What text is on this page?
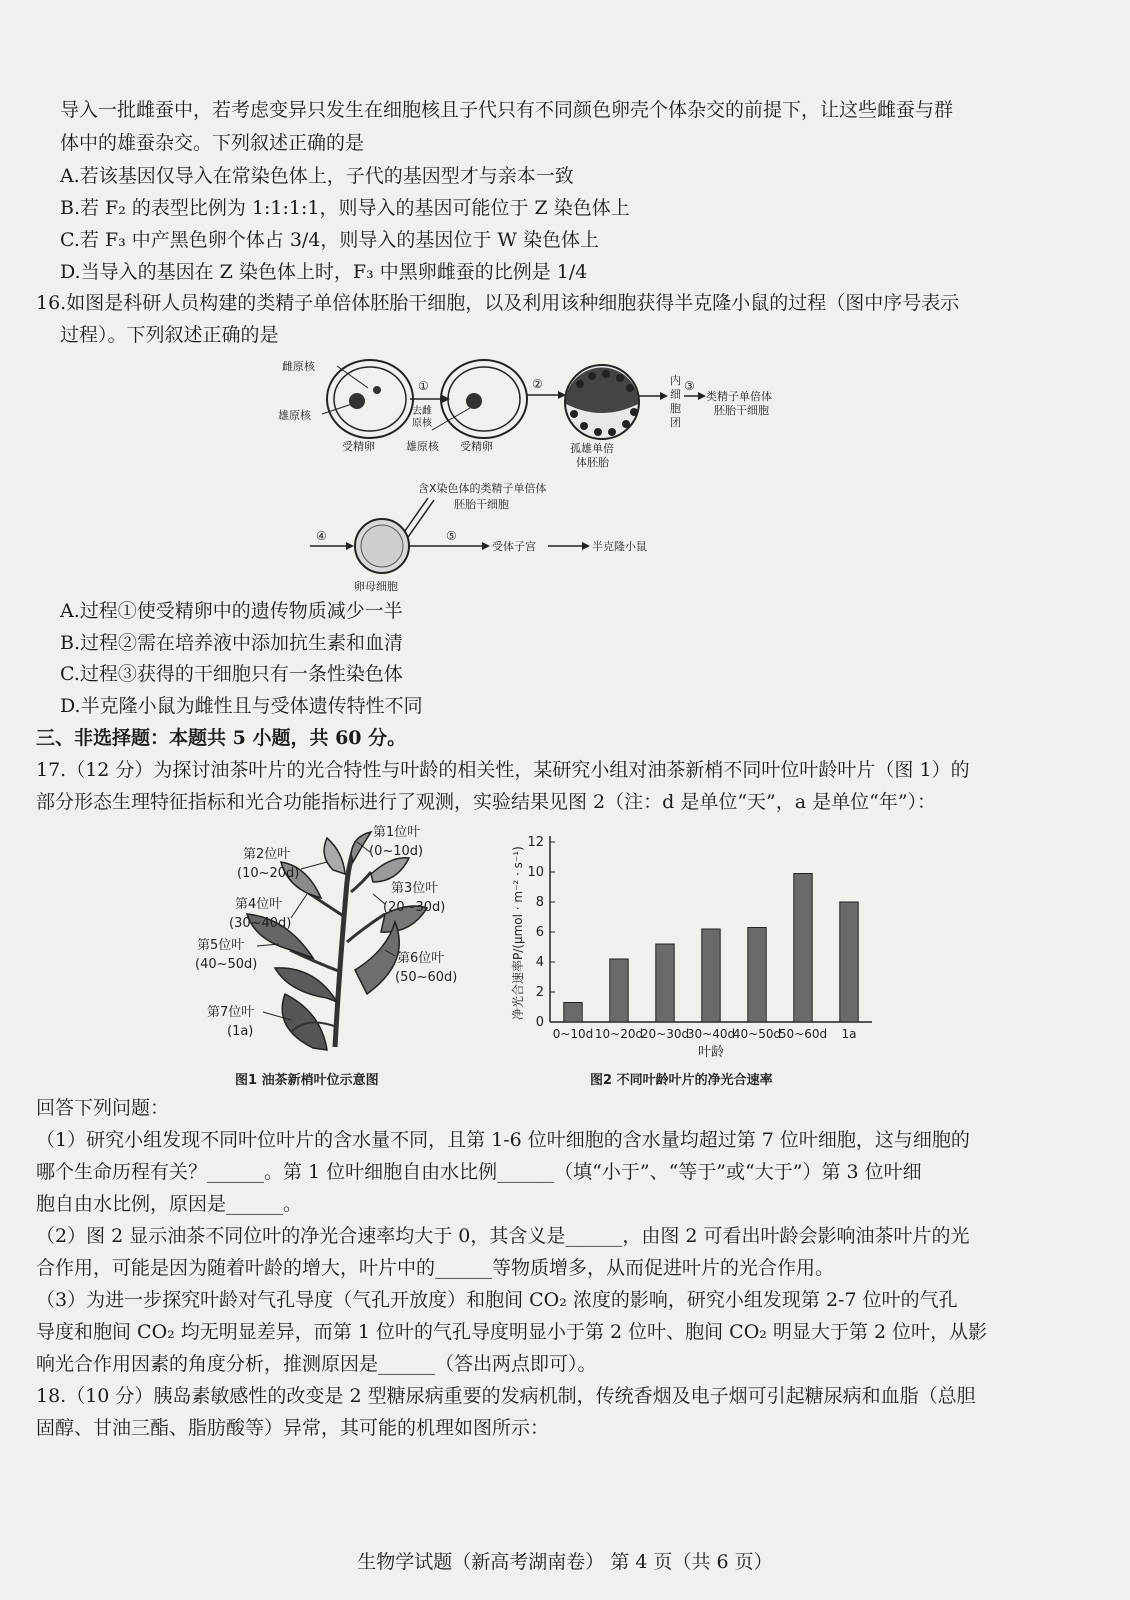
导入一批雌蚕中，若考虑变异只发生在细胞核且子代只有不同颜色卵壳个体杂交的前提下，让这些雌蚕与群
体中的雄蚕杂交。下列叙述正确的是
A.若该基因仅导入在常染色体上，子代的基因型才与亲本一致
B.若 F₂ 的表型比例为 1:1:1:1，则导入的基因可能位于 Z 染色体上
C.若 F₃ 中产黑色卵个体占 3/4，则导入的基因位于 W 染色体上
D.当导入的基因在 Z 染色体上时，F₃ 中黑卵雌蚕的比例是 1/4
16.如图是科研人员构建的类精子单倍体胚胎干细胞，以及利用该种细胞获得半克隆小鼠的过程（图中序号表示
过程）。下列叙述正确的是
雌原核
雄原核
受精卵
①
去雌
原核
雄原核 受精卵
②
孤雄单倍
体胚胎
内
细
胞
团
③
类精子单倍体
胚胎干细胞
含X染色体的类精子单倍体
胚胎干细胞
④
卵母细胞
⑤
受体子宫	半克隆小鼠
A.过程①使受精卵中的遗传物质减少一半
B.过程②需在培养液中添加抗生素和血清
C.过程③获得的干细胞只有一条性染色体
D.半克隆小鼠为雌性且与受体遗传特性不同
三、非选择题：本题共 5 小题，共 60 分。
17.（12 分）为探讨油茶叶片的光合特性与叶龄的相关性，某研究小组对油茶新梢不同叶位叶龄叶片（图 1）的
部分形态生理特征指标和光合功能指标进行了观测，实验结果见图 2（注：d 是单位“天”，a 是单位“年”）：
第1位叶
(0~10d)
第2位叶
(10~20d)
第3位叶
(20~30d)
第4位叶
(30~40d)
第5位叶
(40~50d)	第6位叶
(50~60d)
第7位叶
(1a)
图1 油茶新梢叶位示意图
0
2
4
6
8
10
12
0~10d 10~20d
20~30d
30~40d
40~50d
50~60d 1a
净光合速率P/(μmol · m⁻² · s⁻¹)
叶龄
图2 不同叶龄叶片的净光合速率
回答下列问题：
（1）研究小组发现不同叶位叶片的含水量不同，且第 1-6 位叶细胞的含水量均超过第 7 位叶细胞，这与细胞的
哪个生命历程有关？______。第 1 位叶细胞自由水比例______（填“小于”、“等于”或“大于”）第 3 位叶细
胞自由水比例，原因是______。
（2）图 2 显示油茶不同位叶的净光合速率均大于 0，其含义是______，由图 2 可看出叶龄会影响油茶叶片的光
合作用，可能是因为随着叶龄的增大，叶片中的______等物质增多，从而促进叶片的光合作用。
（3）为进一步探究叶龄对气孔导度（气孔开放度）和胞间 CO₂ 浓度的影响，研究小组发现第 2-7 位叶的气孔
导度和胞间 CO₂ 均无明显差异，而第 1 位叶的气孔导度明显小于第 2 位叶、胞间 CO₂ 明显大于第 2 位叶，从影
响光合作用因素的角度分析，推测原因是______（答出两点即可）。
18.（10 分）胰岛素敏感性的改变是 2 型糖尿病重要的发病机制，传统香烟及电子烟可引起糖尿病和血脂（总胆
固醇、甘油三酯、脂肪酸等）异常，其可能的机理如图所示：
生物学试题（新高考湖南卷） 第 4 页（共 6 页）
